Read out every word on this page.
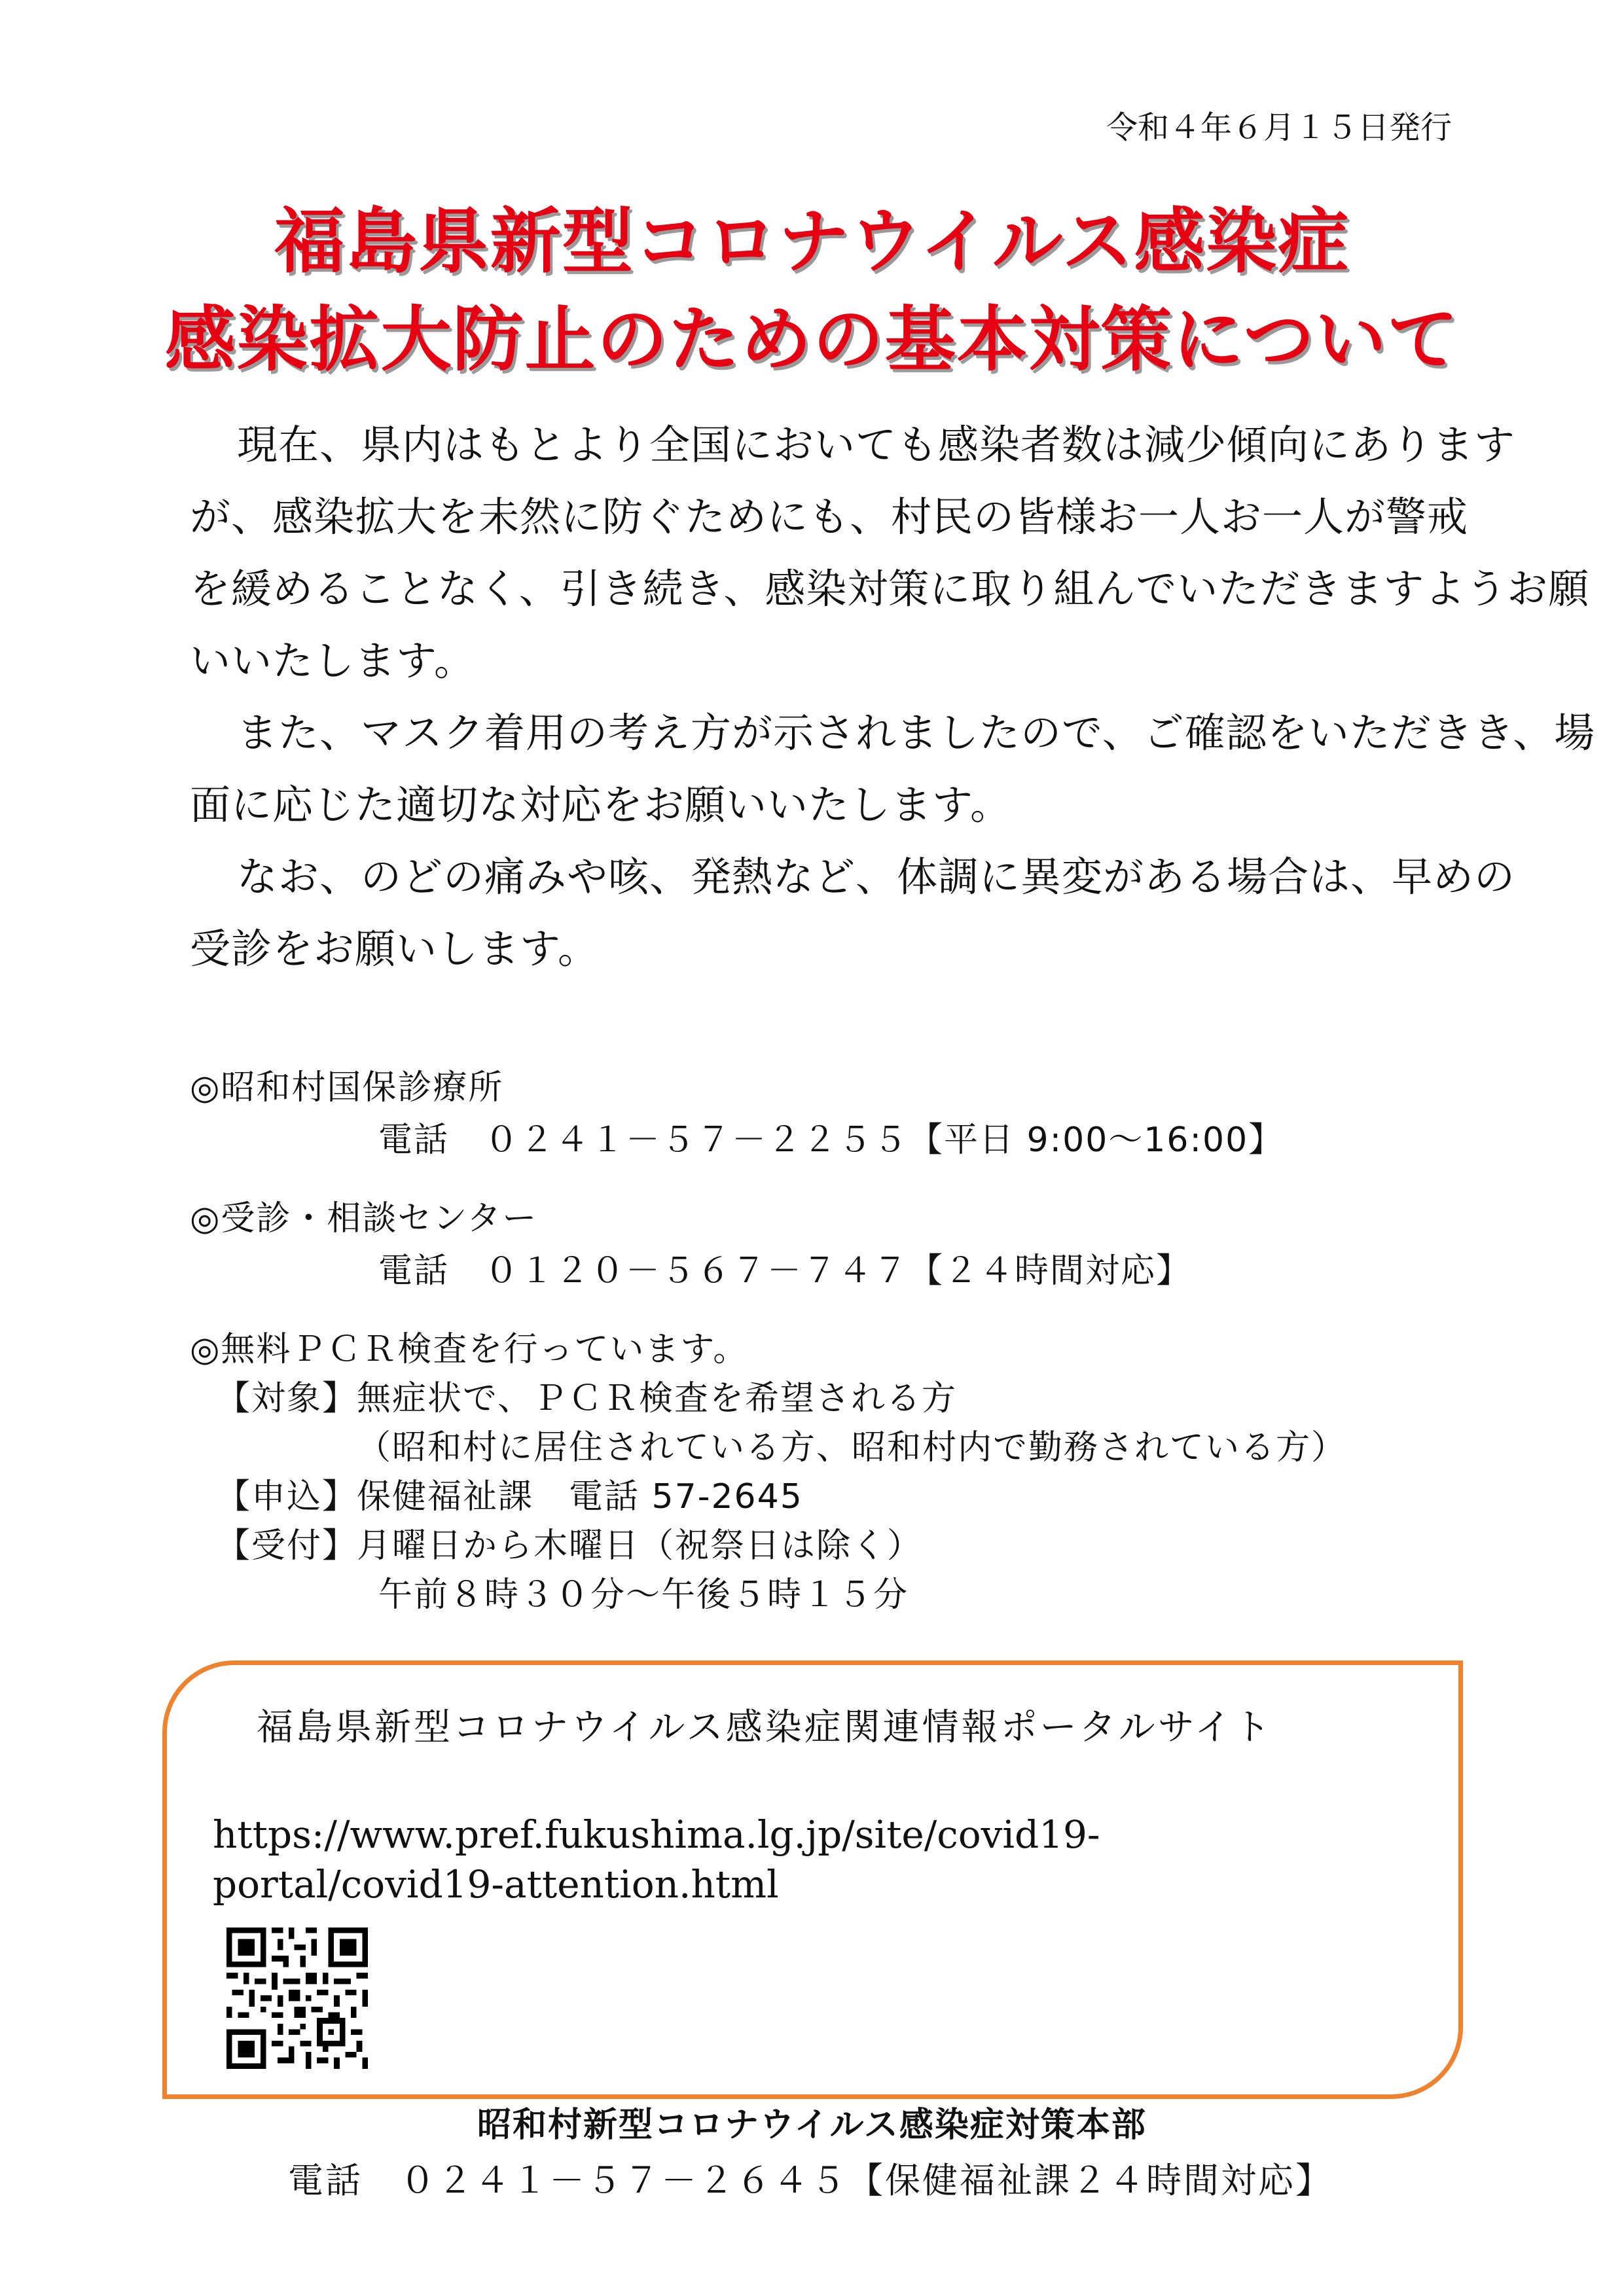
令和４年６月１５日発行
福島県新型コロナウイルス感染症
感染拡大防止のための基本対策について
現在、県内はもとより全国においても感染者数は減少傾向にあります
が、感染拡大を未然に防ぐためにも、村民の皆様お一人お一人が警戒
を緩めることなく、引き続き、感染対策に取り組んでいただきますようお願
いいたします。
また、マスク着用の考え方が示されましたので、ご確認をいただきき、場
面に応じた適切な対応をお願いいたします。
なお、のどの痛みや咳、発熱など、体調に異変がある場合は、早めの
受診をお願いします。
◎昭和村国保診療所
電話　０２４１－５７－２２５５【平日 9:00～16:00】
◎受診・相談センター
電話　０１２０－５６７－７４７【２４時間対応】
◎無料ＰＣＲ検査を行っています。
【対象】
無症状で、ＰＣＲ検査を希望される方
（昭和村に居住されている方、昭和村内で勤務されている方）
【申込】
保健福祉課　電話 57-2645
【受付】
月曜日から木曜日（祝祭日は除く）
午前８時３０分～午後５時１５分
福島県新型コロナウイルス感染症関連情報ポータルサイト
https://www.pref.fukushima.lg.jp/site/covid19-
portal/covid19-attention.html
昭和村新型コロナウイルス感染症対策本部
電話　０２４１－５７－２６４５【保健福祉課２４時間対応】
